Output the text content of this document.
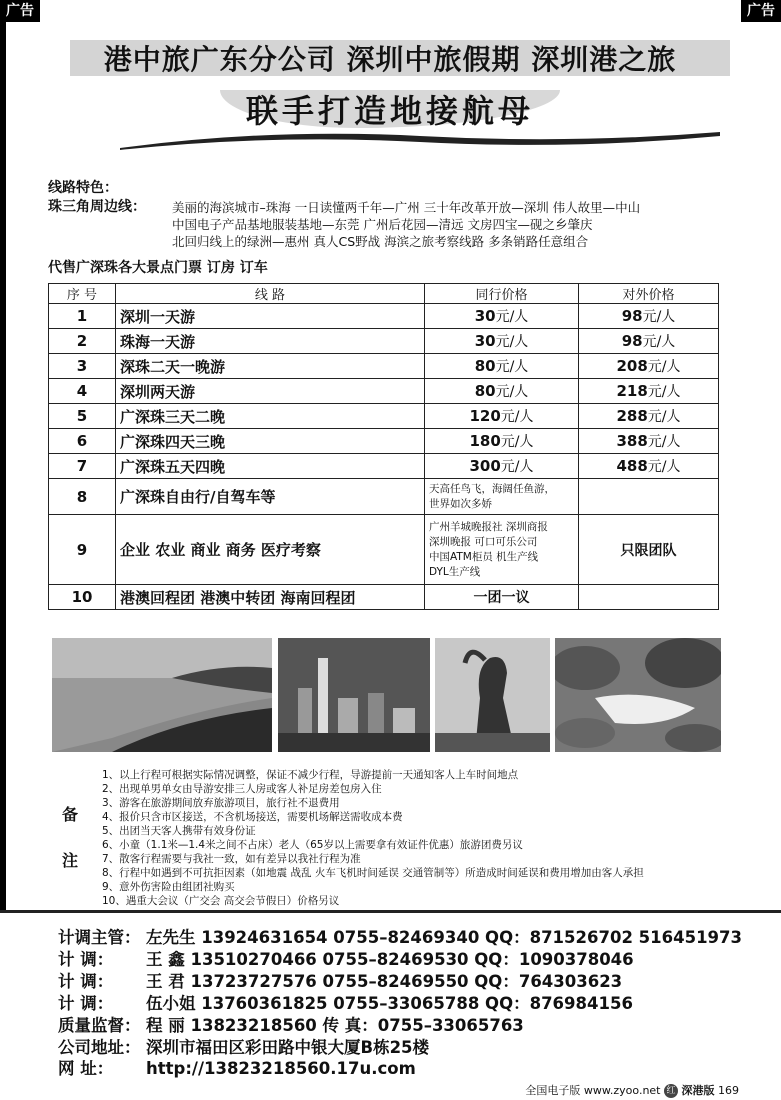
广告	广告
港中旅广东分公司 深圳中旅假期 深圳港之旅
联手打造地接航母
线路特色：
珠三角周边线： 美丽的海滨城市–珠海 一日读懂两千年—广州 三十年改革开放—深圳 伟人故里—中山
中国电子产品基地服装基地—东莞 广州后花园—清远 文房四宝—砚之乡肇庆
北回归线上的绿洲—惠州 真人CS野战 海滨之旅考察线路 多条销路任意组合
代售广深珠各大景点门票 订房 订车
序 号	线 路	同行价格	对外价格
1	深圳一天游	30元/人	98元/人
2	珠海一天游	30元/人	98元/人
3	深珠二天一晚游	80元/人	208元/人
4	深圳两天游	80元/人	218元/人
5	广深珠三天二晚	120元/人	288元/人
6	广深珠四天三晚	180元/人	388元/人
7	广深珠五天四晚	300元/人	488元/人
8	广深珠自由行/自驾车等	天高任鸟飞，海阔任鱼游，
世界如次多娇	

9	企业 农业 商业 商务 医疗考察	广州羊城晚报社 深圳商报
深圳晚报 可口可乐公司
中国ATM柜员 机生产线
DYL生产线	只限团队
10	港澳回程团 港澳中转团 海南回程团	一团一议	
备
注
1、以上行程可根据实际情况调整，保证不减少行程，导游提前一天通知客人上车时间地点
2、出现单男单女由导游安排三人房或客人补足房差包房入住
3、游客在旅游期间放弃旅游项目，旅行社不退费用
4、报价只含市区接送，不含机场接送，需要机场解送需收成本费
5、出团当天客人携带有效身份证
6、小童（1.1米—1.4米之间不占床）老人（65岁以上需要拿有效证件优惠）旅游团费另议
7、散客行程需要与我社一致，如有差异以我社行程为准
8、行程中如遇到不可抗拒因素（如地震 战乱 火车飞机时间延误 交通管制等）所造成时间延误和费用增加由客人承担
9、意外伤害险由组团社购买
10、遇重大会议（广交会 高交会节假日）价格另议
计调主管： 左先生 13924631654 0755–82469340 QQ：871526702 516451973
计 调： 王 鑫 13510270466 0755–82469530 QQ：1090378046
计 调： 王 君 13723727576 0755–82469550 QQ：764303623
计 调： 伍小姐 13760361825 0755–33065788 QQ：876984156
质量监督： 程 丽 13823218560 传 真：0755–33065763
公司地址： 深圳市福田区彩田路中银大厦B栋25楼
网 址： http://13823218560.17u.com
全国电子版 www.zyoo.net 红 深港版 169
